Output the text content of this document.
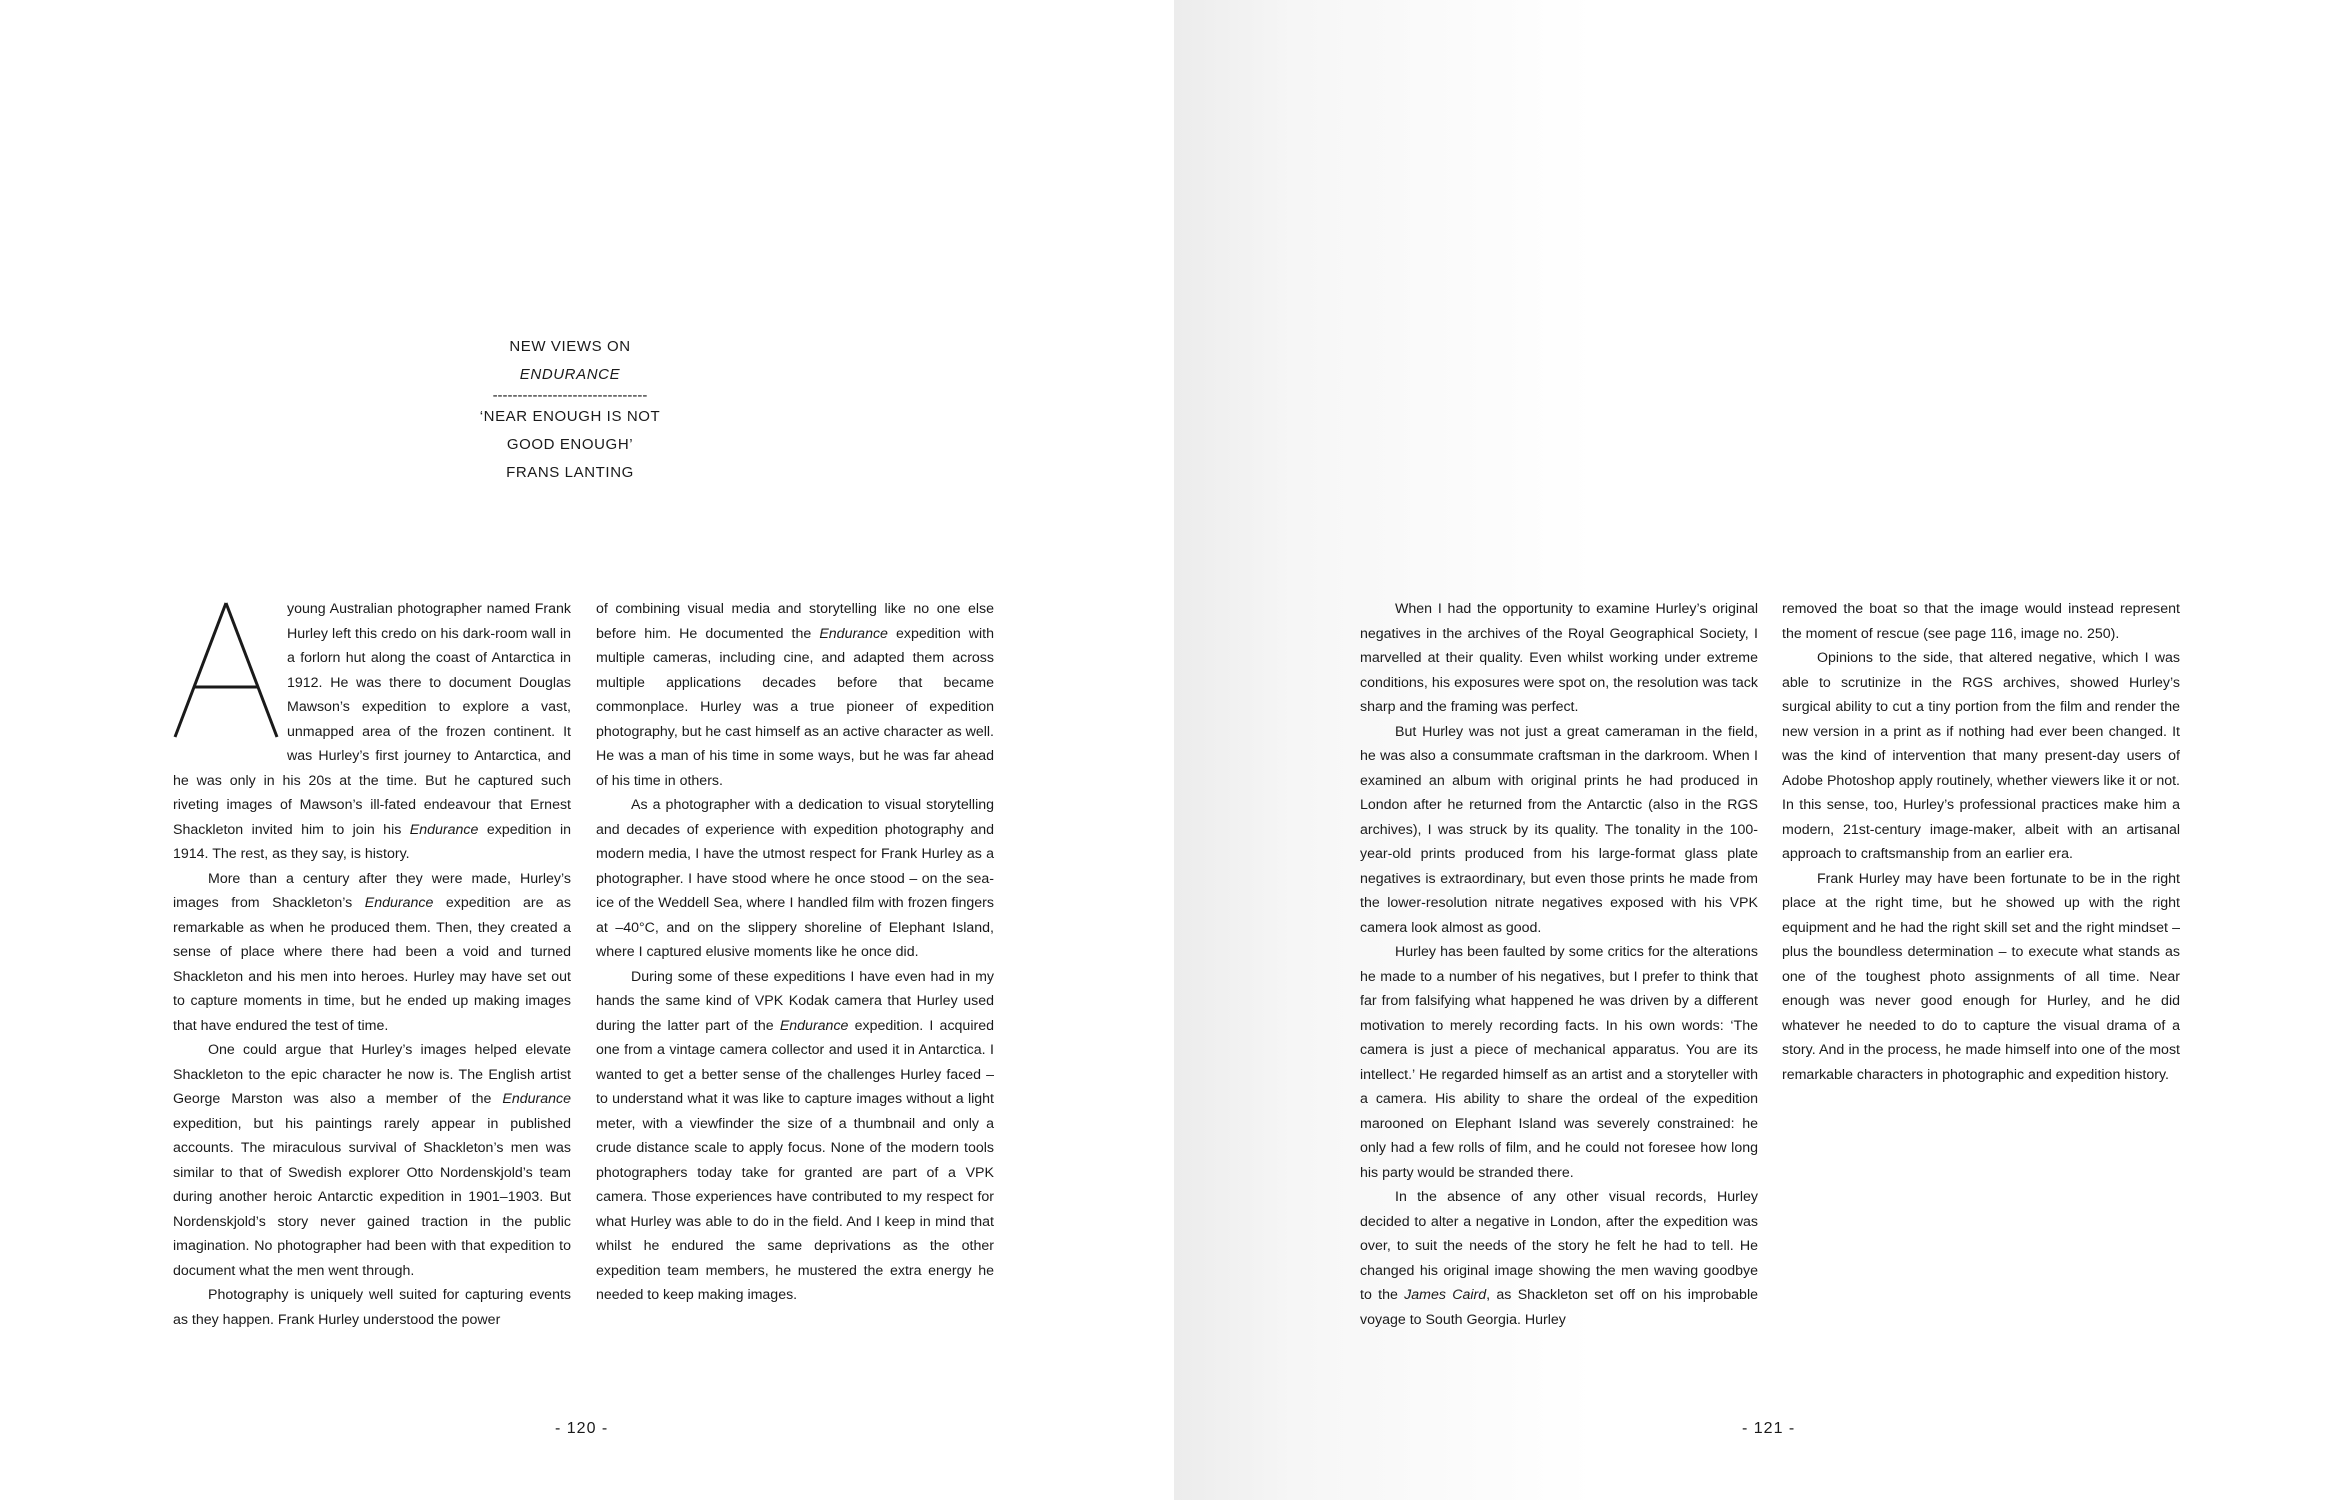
NEW VIEWS ON ENDURANCE
-------------------------------
‘NEAR ENOUGH IS NOT GOOD ENOUGH’
FRANS LANTING

young Australian photographer named Frank Hurley left this credo on his dark-room wall in a forlorn hut along the coast of Antarctica in 1912. He was there to document Douglas Mawson’s expedition to explore a vast, unmapped area of the frozen continent. It was Hurley’s first journey to Antarctica, and he was only in his 20s at the time. But he captured such riveting images of Mawson’s ill-fated endeavour that Ernest Shackleton invited him to join his Endurance expedition in 1914. The rest, as they say, is history.

More than a century after they were made, Hurley’s images from Shackleton’s Endurance expedition are as remarkable as when he produced them. Then, they created a sense of place where there had been a void and turned Shackleton and his men into heroes. Hurley may have set out to capture moments in time, but he ended up making images that have endured the test of time.

One could argue that Hurley’s images helped elevate Shackleton to the epic character he now is. The English artist George Marston was also a member of the Endurance expedition, but his paintings rarely appear in published accounts. The miraculous survival of Shackleton’s men was similar to that of Swedish explorer Otto Nordenskjold’s team during another heroic Antarctic expedition in 1901–1903. But Nordenskjold’s story never gained traction in the public imagination. No photographer had been with that expedition to document what the men went through.

Photography is uniquely well suited for capturing events as they happen. Frank Hurley understood the power

of combining visual media and storytelling like no one else before him. He documented the Endurance expedition with multiple cameras, including cine, and adapted them across multiple applications decades before that became commonplace. Hurley was a true pioneer of expedition photography, but he cast himself as an active character as well. He was a man of his time in some ways, but he was far ahead of his time in others.

As a photographer with a dedication to visual storytelling and decades of experience with expedition photography and modern media, I have the utmost respect for Frank Hurley as a photographer. I have stood where he once stood – on the sea-ice of the Weddell Sea, where I handled film with frozen fingers at –40°C, and on the slippery shoreline of Elephant Island, where I captured elusive moments like he once did.

During some of these expeditions I have even had in my hands the same kind of VPK Kodak camera that Hurley used during the latter part of the Endurance expedition. I acquired one from a vintage camera collector and used it in Antarctica. I wanted to get a better sense of the challenges Hurley faced – to understand what it was like to capture images without a light meter, with a viewfinder the size of a thumbnail and only a crude distance scale to apply focus. None of the modern tools photographers today take for granted are part of a VPK camera. Those experiences have contributed to my respect for what Hurley was able to do in the field. And I keep in mind that whilst he endured the same deprivations as the other expedition team members, he mustered the extra energy he needed to keep making images.

- 120 -

When I had the opportunity to examine Hurley’s original negatives in the archives of the Royal Geographical Society, I marvelled at their quality. Even whilst working under extreme conditions, his exposures were spot on, the resolution was tack sharp and the framing was perfect.

But Hurley was not just a great cameraman in the field, he was also a consummate craftsman in the darkroom. When I examined an album with original prints he had produced in London after he returned from the Antarctic (also in the RGS archives), I was struck by its quality. The tonality in the 100-year-old prints produced from his large-format glass plate negatives is extraordinary, but even those prints he made from the lower-resolution nitrate negatives exposed with his VPK camera look almost as good.

Hurley has been faulted by some critics for the alterations he made to a number of his negatives, but I prefer to think that far from falsifying what happened he was driven by a different motivation to merely recording facts. In his own words: ‘The camera is just a piece of mechanical apparatus. You are its intellect.’ He regarded himself as an artist and a storyteller with a camera. His ability to share the ordeal of the expedition marooned on Elephant Island was severely constrained: he only had a few rolls of film, and he could not foresee how long his party would be stranded there.

In the absence of any other visual records, Hurley decided to alter a negative in London, after the expedition was over, to suit the needs of the story he felt he had to tell. He changed his original image showing the men waving goodbye to the James Caird, as Shackleton set off on his improbable voyage to South Georgia. Hurley

removed the boat so that the image would instead represent the moment of rescue (see page 116, image no. 250).

Opinions to the side, that altered negative, which I was able to scrutinize in the RGS archives, showed Hurley’s surgical ability to cut a tiny portion from the film and render the new version in a print as if nothing had ever been changed. It was the kind of intervention that many present-day users of Adobe Photoshop apply routinely, whether viewers like it or not. In this sense, too, Hurley’s professional practices make him a modern, 21st-century image-maker, albeit with an artisanal approach to craftsmanship from an earlier era.

Frank Hurley may have been fortunate to be in the right place at the right time, but he showed up with the right equipment and he had the right skill set and the right mindset – plus the boundless determination – to execute what stands as one of the toughest photo assignments of all time. Near enough was never good enough for Hurley, and he did whatever he needed to do to capture the visual drama of a story. And in the process, he made himself into one of the most remarkable characters in photographic and expedition history.

- 121 -
